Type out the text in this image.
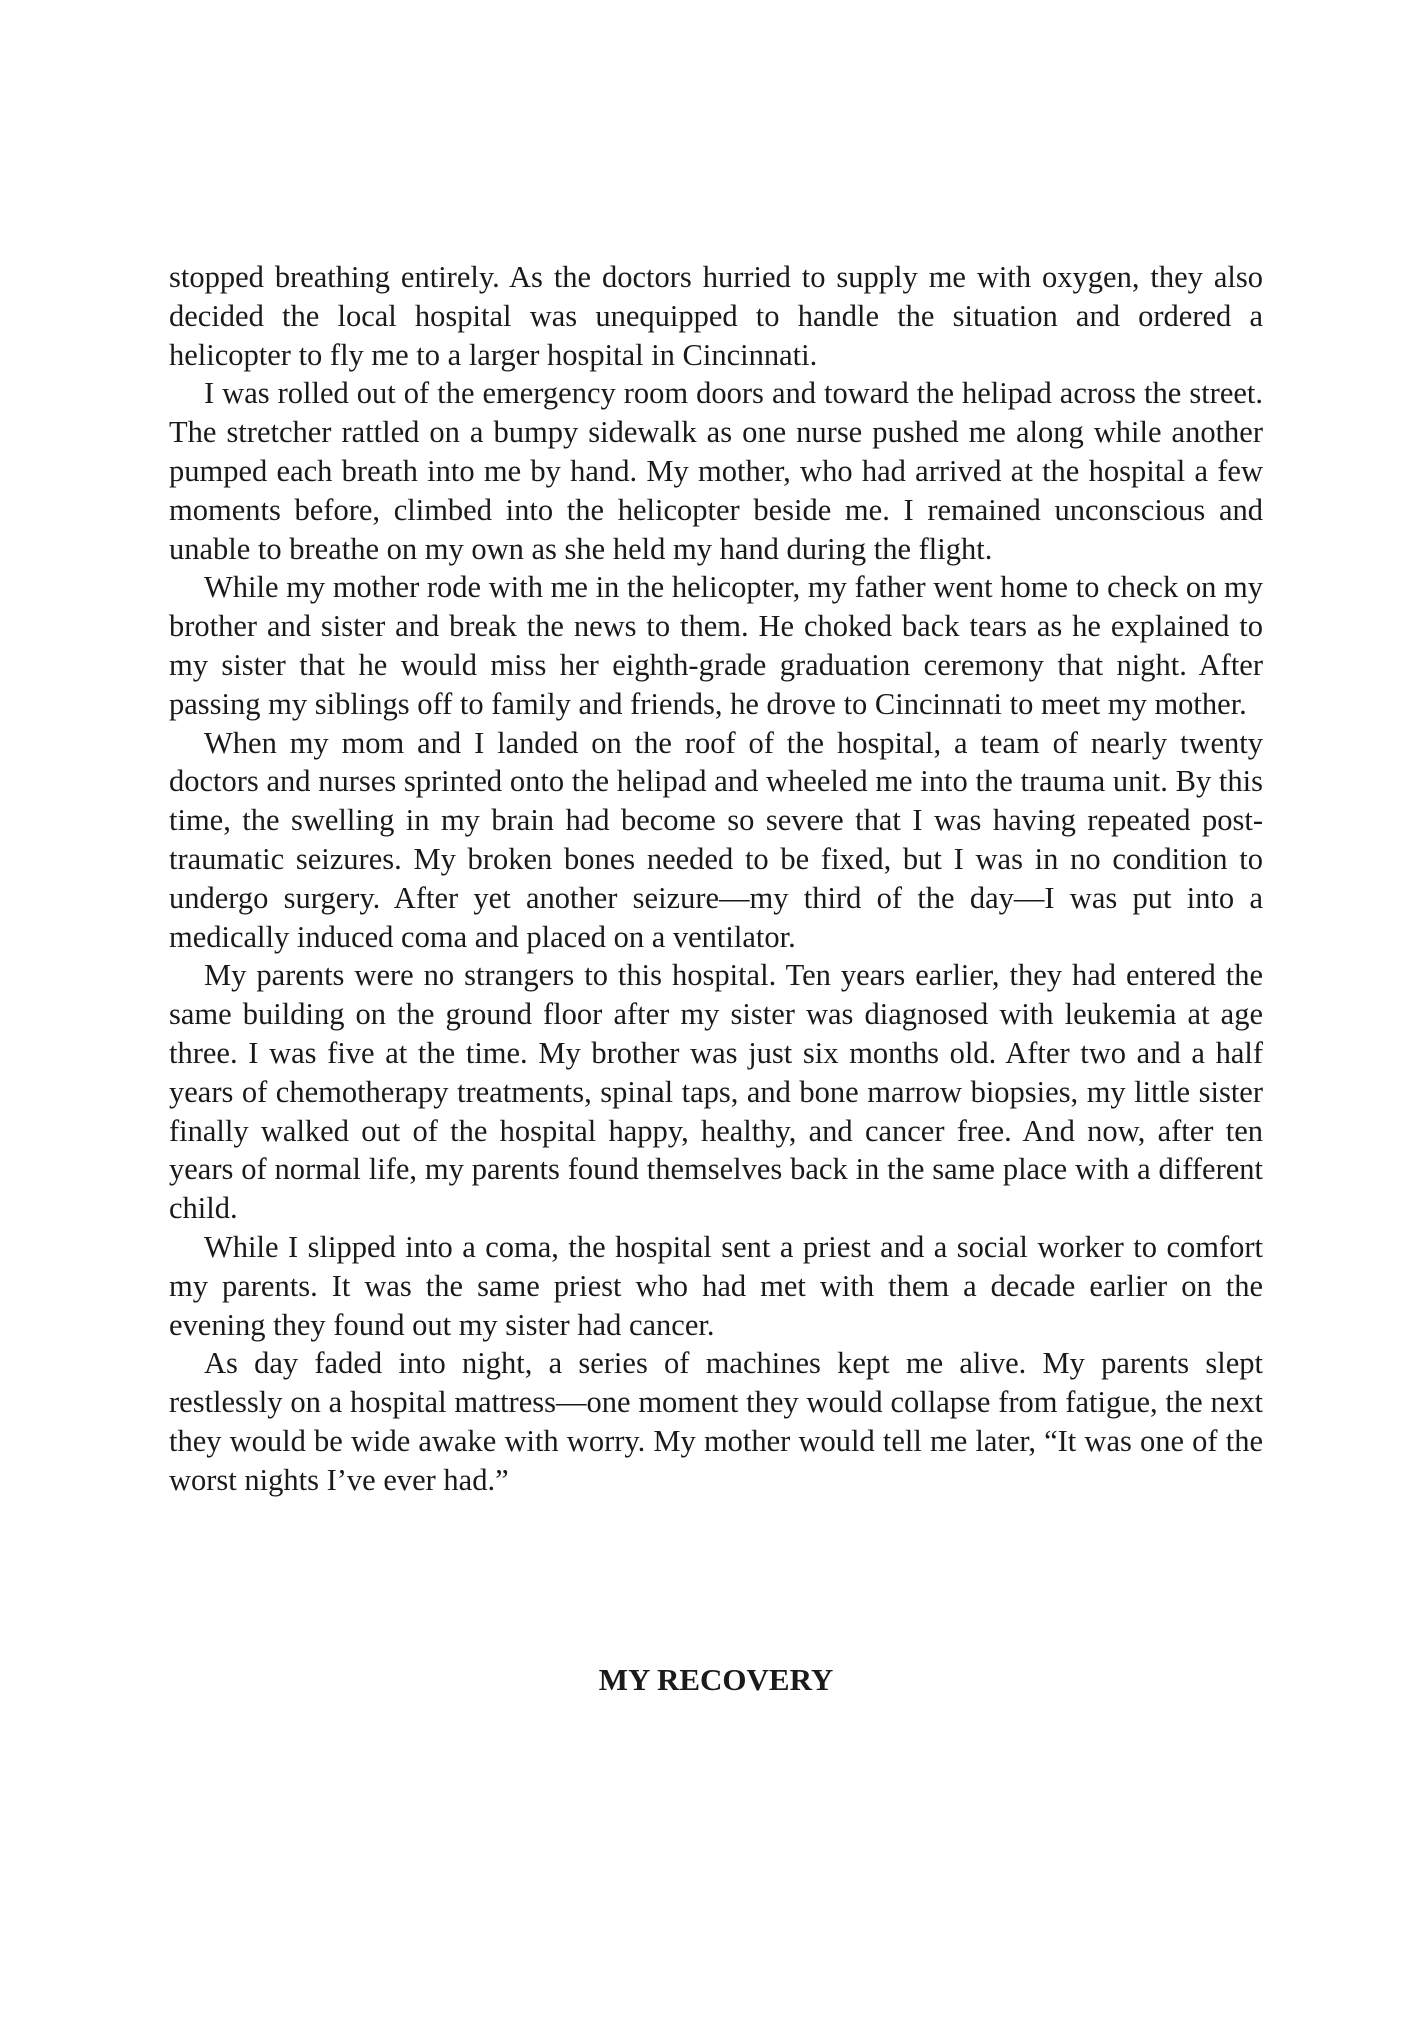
stopped breathing entirely. As the doctors hurried to supply me with oxygen, they also decided the local hospital was unequipped to handle the situation and ordered a helicopter to fly me to a larger hospital in Cincinnati.

I was rolled out of the emergency room doors and toward the helipad across the street. The stretcher rattled on a bumpy sidewalk as one nurse pushed me along while another pumped each breath into me by hand. My mother, who had arrived at the hospital a few moments before, climbed into the helicopter beside me. I remained unconscious and unable to breathe on my own as she held my hand during the flight.

While my mother rode with me in the helicopter, my father went home to check on my brother and sister and break the news to them. He choked back tears as he explained to my sister that he would miss her eighth-grade graduation ceremony that night. After passing my siblings off to family and friends, he drove to Cincinnati to meet my mother.

When my mom and I landed on the roof of the hospital, a team of nearly twenty doctors and nurses sprinted onto the helipad and wheeled me into the trauma unit. By this time, the swelling in my brain had become so severe that I was having repeated post-traumatic seizures. My broken bones needed to be fixed, but I was in no condition to undergo surgery. After yet another seizure—my third of the day—I was put into a medically induced coma and placed on a ventilator.

My parents were no strangers to this hospital. Ten years earlier, they had entered the same building on the ground floor after my sister was diagnosed with leukemia at age three. I was five at the time. My brother was just six months old. After two and a half years of chemotherapy treatments, spinal taps, and bone marrow biopsies, my little sister finally walked out of the hospital happy, healthy, and cancer free. And now, after ten years of normal life, my parents found themselves back in the same place with a different child.

While I slipped into a coma, the hospital sent a priest and a social worker to comfort my parents. It was the same priest who had met with them a decade earlier on the evening they found out my sister had cancer.

As day faded into night, a series of machines kept me alive. My parents slept restlessly on a hospital mattress—one moment they would collapse from fatigue, the next they would be wide awake with worry. My mother would tell me later, “It was one of the worst nights I’ve ever had.”

MY RECOVERY
